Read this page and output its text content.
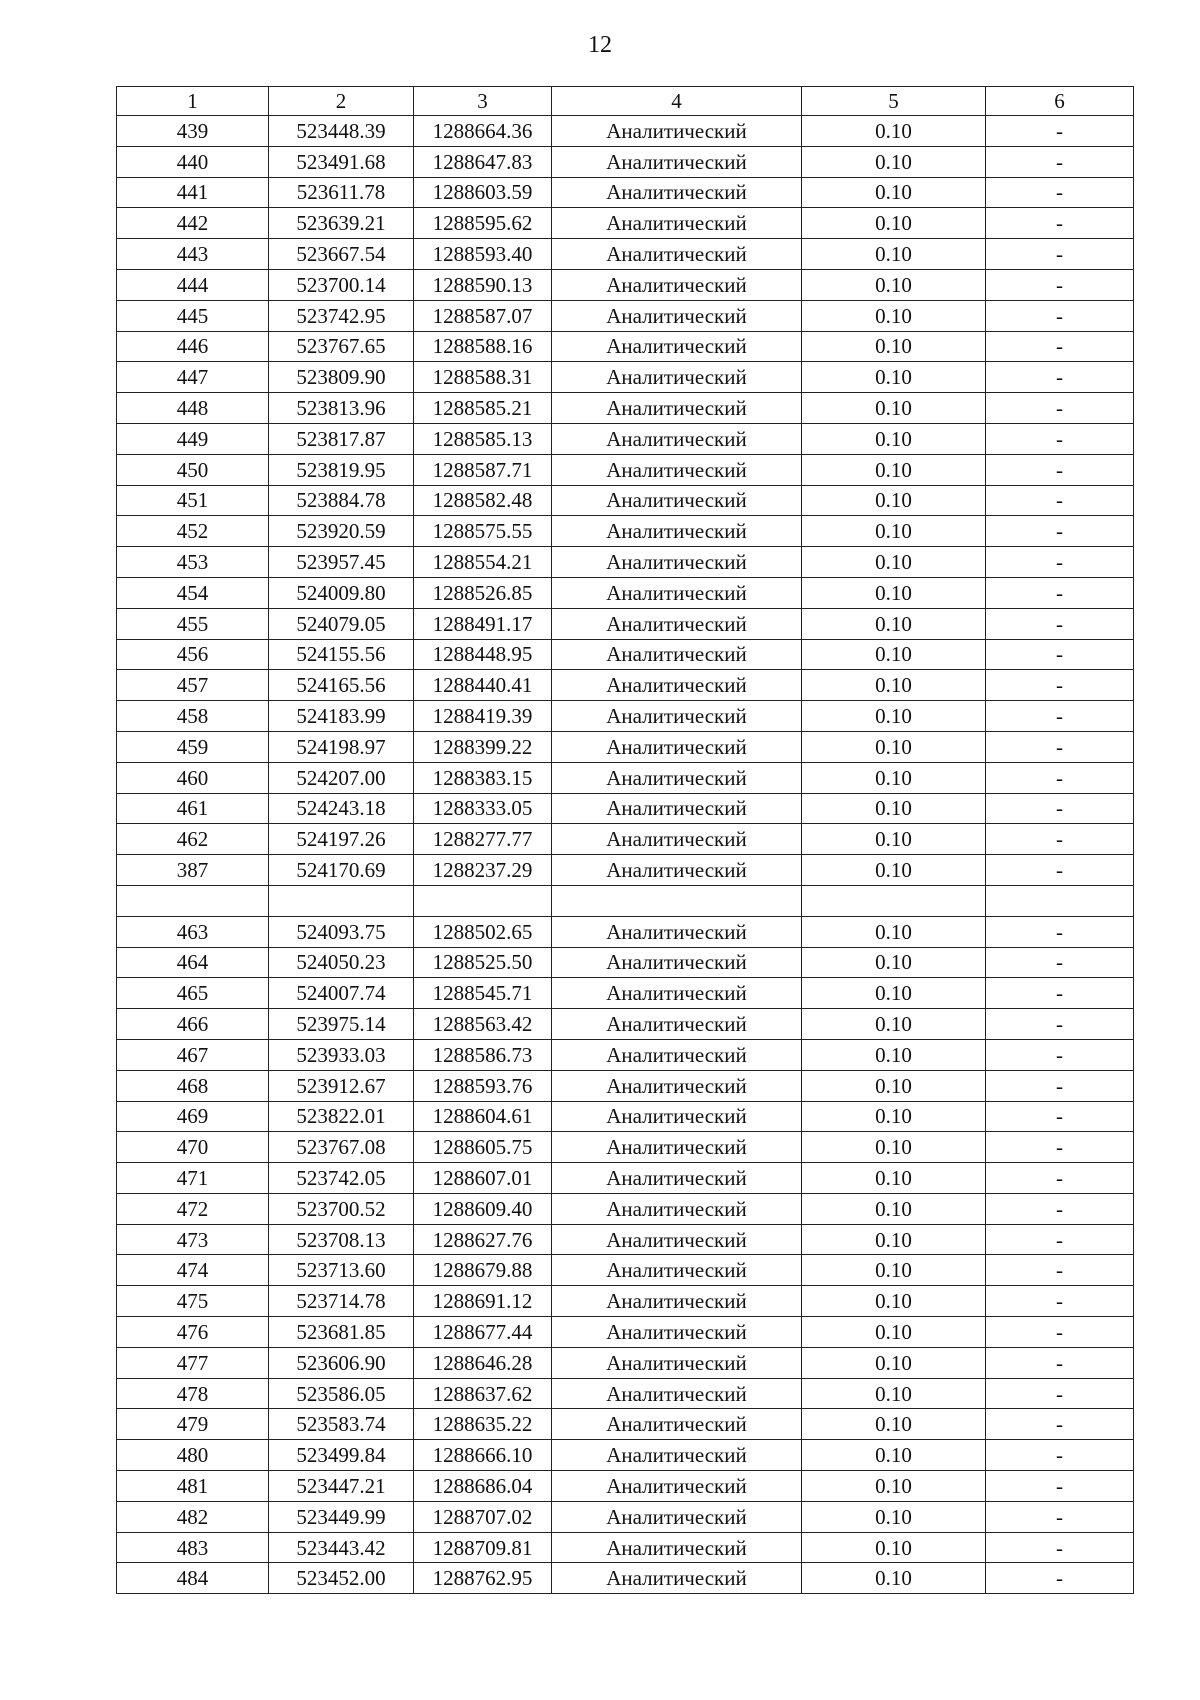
12
1	2	3	4	5	6
439	523448.39	1288664.36	Аналитический	0.10	-
440	523491.68	1288647.83	Аналитический	0.10	-
441	523611.78	1288603.59	Аналитический	0.10	-
442	523639.21	1288595.62	Аналитический	0.10	-
443	523667.54	1288593.40	Аналитический	0.10	-
444	523700.14	1288590.13	Аналитический	0.10	-
445	523742.95	1288587.07	Аналитический	0.10	-
446	523767.65	1288588.16	Аналитический	0.10	-
447	523809.90	1288588.31	Аналитический	0.10	-
448	523813.96	1288585.21	Аналитический	0.10	-
449	523817.87	1288585.13	Аналитический	0.10	-
450	523819.95	1288587.71	Аналитический	0.10	-
451	523884.78	1288582.48	Аналитический	0.10	-
452	523920.59	1288575.55	Аналитический	0.10	-
453	523957.45	1288554.21	Аналитический	0.10	-
454	524009.80	1288526.85	Аналитический	0.10	-
455	524079.05	1288491.17	Аналитический	0.10	-
456	524155.56	1288448.95	Аналитический	0.10	-
457	524165.56	1288440.41	Аналитический	0.10	-
458	524183.99	1288419.39	Аналитический	0.10	-
459	524198.97	1288399.22	Аналитический	0.10	-
460	524207.00	1288383.15	Аналитический	0.10	-
461	524243.18	1288333.05	Аналитический	0.10	-
462	524197.26	1288277.77	Аналитический	0.10	-
387	524170.69	1288237.29	Аналитический	0.10	-

463	524093.75	1288502.65	Аналитический	0.10	-
464	524050.23	1288525.50	Аналитический	0.10	-
465	524007.74	1288545.71	Аналитический	0.10	-
466	523975.14	1288563.42	Аналитический	0.10	-
467	523933.03	1288586.73	Аналитический	0.10	-
468	523912.67	1288593.76	Аналитический	0.10	-
469	523822.01	1288604.61	Аналитический	0.10	-
470	523767.08	1288605.75	Аналитический	0.10	-
471	523742.05	1288607.01	Аналитический	0.10	-
472	523700.52	1288609.40	Аналитический	0.10	-
473	523708.13	1288627.76	Аналитический	0.10	-
474	523713.60	1288679.88	Аналитический	0.10	-
475	523714.78	1288691.12	Аналитический	0.10	-
476	523681.85	1288677.44	Аналитический	0.10	-
477	523606.90	1288646.28	Аналитический	0.10	-
478	523586.05	1288637.62	Аналитический	0.10	-
479	523583.74	1288635.22	Аналитический	0.10	-
480	523499.84	1288666.10	Аналитический	0.10	-
481	523447.21	1288686.04	Аналитический	0.10	-
482	523449.99	1288707.02	Аналитический	0.10	-
483	523443.42	1288709.81	Аналитический	0.10	-
484	523452.00	1288762.95	Аналитический	0.10	-
